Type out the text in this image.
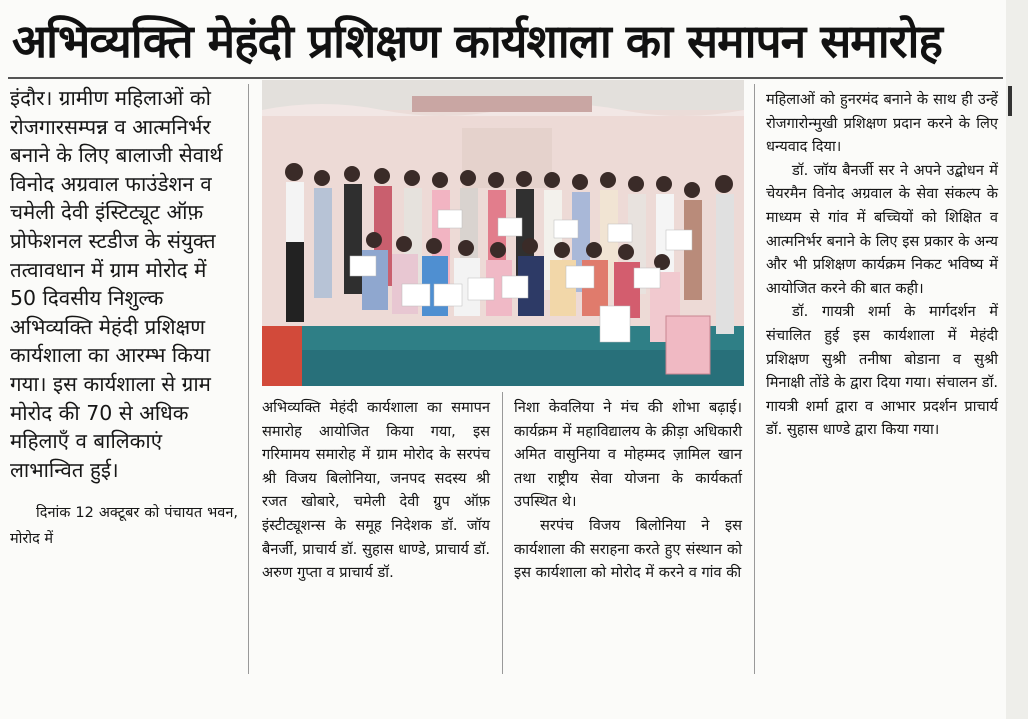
अभिव्यक्ति मेहंदी प्रशिक्षण कार्यशाला का समापन समारोह
इंदौर। ग्रामीण महिलाओं को रोजगारसम्पन्न व आत्मनिर्भर बनाने के लिए बालाजी सेवार्थ विनोद अग्रवाल फाउंडेशन व चमेली देवी इंस्टिट्यूट ऑफ़ प्रोफेशनल स्टडीज के संयुक्त तत्वावधान में ग्राम मोरोद में 50 दिवसीय निशुल्क अभिव्यक्ति मेहंदी प्रशिक्षण कार्यशाला का आरम्भ किया गया। इस कार्यशाला से ग्राम मोरोद की 70 से अधिक महिलाएँ व बालिकाएं लाभान्वित हुई।
दिनांक 12 अक्टूबर को पंचायत भवन, मोरोद में

अभिव्यक्ति मेहंदी कार्यशाला का समापन समारोह आयोजित किया गया, इस गरिमामय समारोह में ग्राम मोरोद के सरपंच श्री विजय बिलोनिया, जनपद सदस्य श्री रजत खोबारे, चमेली देवी ग्रुप ऑफ़ इंस्टीट्यूशन्स के समूह निदेशक डॉ. जॉय बैनर्जी, प्राचार्य डॉ. सुहास धाण्डे, प्राचार्य डॉ. अरुण गुप्ता व प्राचार्य डॉ.

निशा केवलिया ने मंच की शोभा बढ़ाई। कार्यक्रम में महाविद्यालय के क्रीड़ा अधिकारी अमित वासुनिया व मोहम्मद ज़ामिल खान तथा राष्ट्रीय सेवा योजना के कार्यकर्ता उपस्थित थे।

सरपंच विजय बिलोनिया ने इस कार्यशाला की सराहना करते हुए संस्थान को इस कार्यशाला को मोरोद में करने व गांव की

महिलाओं को हुनरमंद बनाने के साथ ही उन्हें रोजगारोन्मुखी प्रशिक्षण प्रदान करने के लिए धन्यवाद दिया।

डॉ. जॉय बैनर्जी सर ने अपने उद्बोधन में चेयरमैन विनोद अग्रवाल के सेवा संकल्प के माध्यम से गांव में बच्चियों को शिक्षित व आत्मनिर्भर बनाने के लिए इस प्रकार के अन्य और भी प्रशिक्षण कार्यक्रम निकट भविष्य में आयोजित करने की बात कही।

डॉ. गायत्री शर्मा के मार्गदर्शन में संचालित हुई इस कार्यशाला में मेहंदी प्रशिक्षण सुश्री तनीषा बोडाना व सुश्री मिनाक्षी तोंडे के द्वारा दिया गया। संचालन डॉ. गायत्री शर्मा द्वारा व आभार प्रदर्शन प्राचार्य डॉ. सुहास धाण्डे द्वारा किया गया।
